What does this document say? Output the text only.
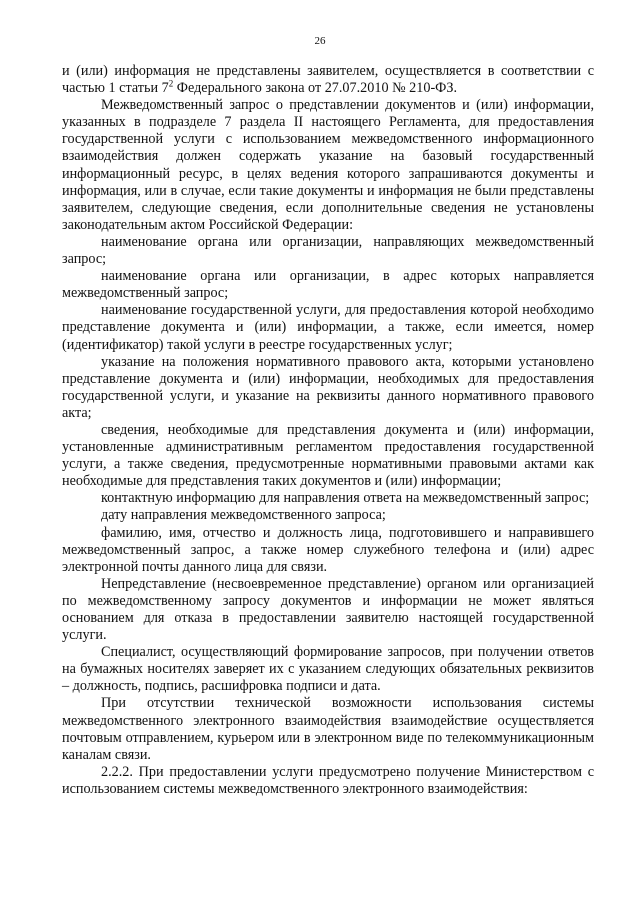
26

и (или) информация не представлены заявителем, осуществляется в соответствии с частью 1 статьи $7^2$ Федерального закона от 27.07.2010 № 210-ФЗ.

Межведомственный запрос о представлении документов и (или) информации, указанных в подразделе 7 раздела II настоящего Регламента, для предоставления государственной услуги с использованием межведомственного информационного взаимодействия должен содержать указание на базовый государственный информационный ресурс, в целях ведения которого запрашиваются документы и информация, или в случае, если такие документы и информация не были представлены заявителем, следующие сведения, если дополнительные сведения не установлены законодательным актом Российской Федерации:

наименование органа или организации, направляющих межведомственный запрос;

наименование органа или организации, в адрес которых направляется межведомственный запрос;

наименование государственной услуги, для предоставления которой необходимо представление документа и (или) информации, а также, если имеется, номер (идентификатор) такой услуги в реестре государственных услуг;

указание на положения нормативного правового акта, которыми установлено представление документа и (или) информации, необходимых для предоставления государственной услуги, и указание на реквизиты данного нормативного правового акта;

сведения, необходимые для представления документа и (или) информации, установленные административным регламентом предоставления государственной услуги, а также сведения, предусмотренные нормативными правовыми актами как необходимые для представления таких документов и (или) информации;

контактную информацию для направления ответа на межведомственный запрос;

дату направления межведомственного запроса;

фамилию, имя, отчество и должность лица, подготовившего и направившего межведомственный запрос, а также номер служебного телефона и (или) адрес электронной почты данного лица для связи.

Непредставление (несвоевременное представление) органом или организацией по межведомственному запросу документов и информации не может являться основанием для отказа в предоставлении заявителю настоящей государственной услуги.

Специалист, осуществляющий формирование запросов, при получении ответов на бумажных носителях заверяет их с указанием следующих обязательных реквизитов – должность, подпись, расшифровка подписи и дата.

При отсутствии технической возможности использования системы межведомственного электронного взаимодействия взаимодействие осуществляется почтовым отправлением, курьером или в электронном виде по телекоммуникационным каналам связи.

2.2.2. При предоставлении услуги предусмотрено получение Министерством с использованием системы межведомственного электронного взаимодействия:
